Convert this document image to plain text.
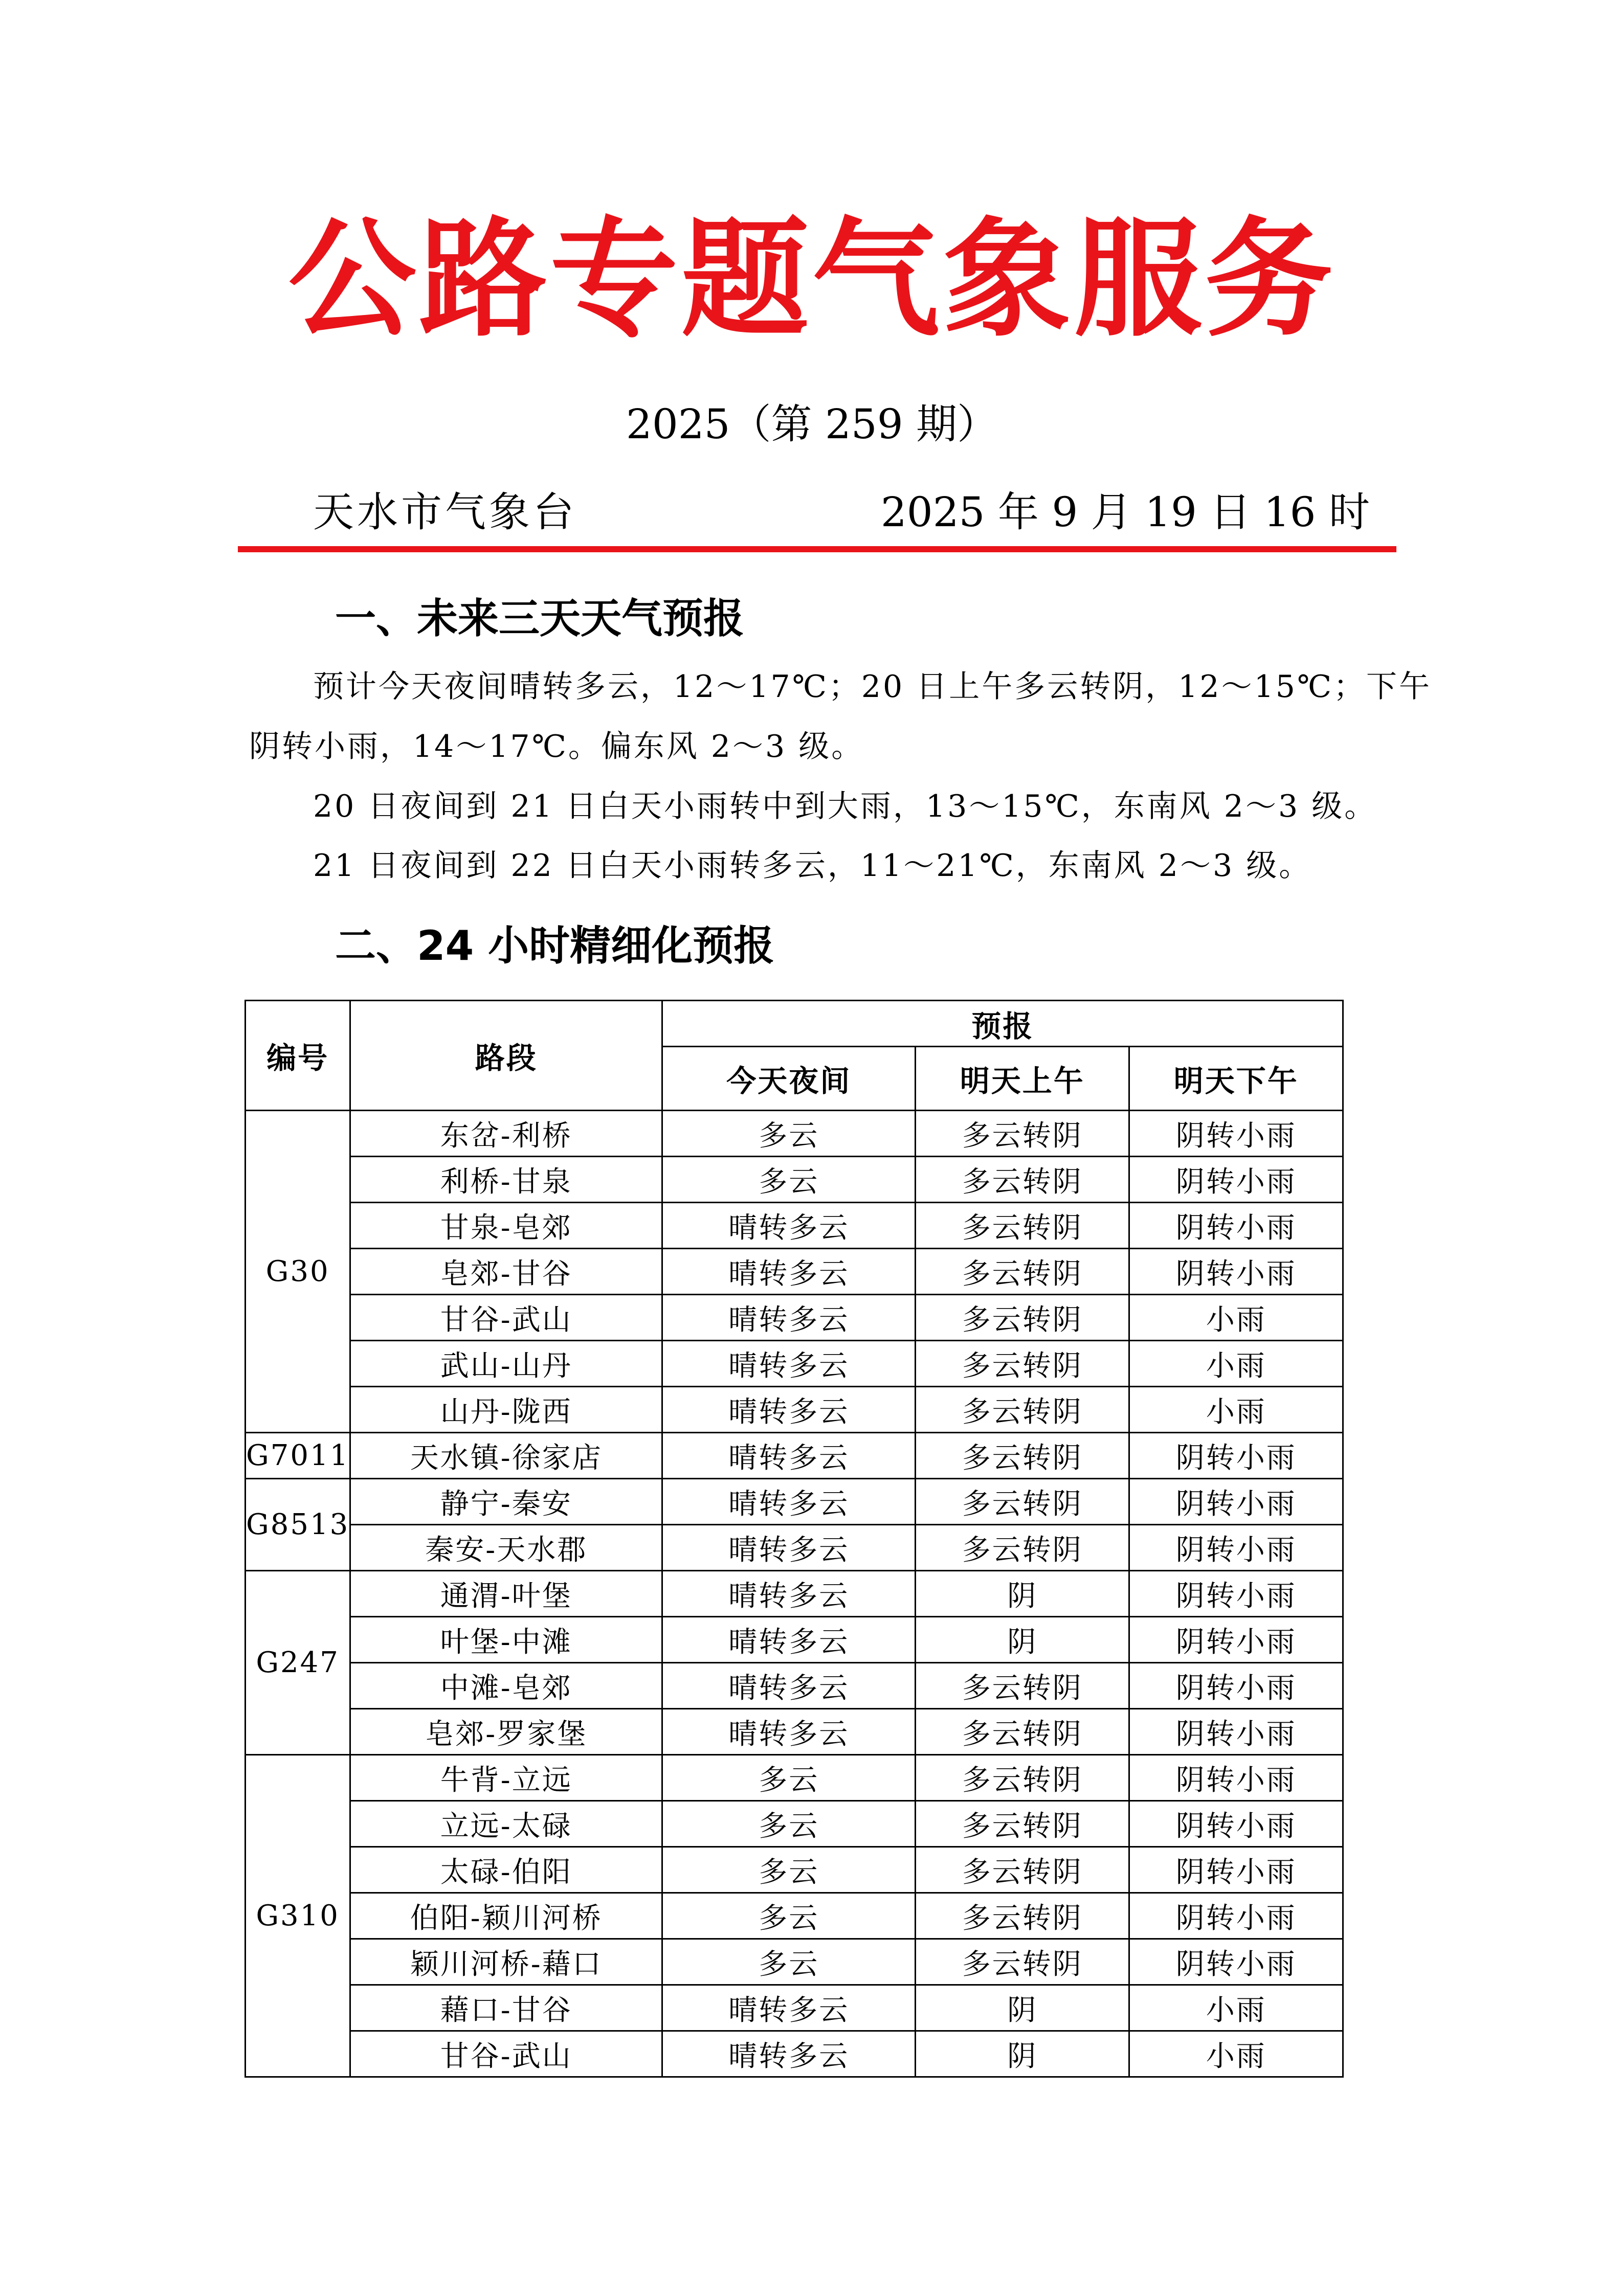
公路专题气象服务
2025（第 259 期）
天水市气象台	2025 年 9 月 19 日 16 时
一、未来三天天气预报
预计今天夜间晴转多云，12～17℃；20 日上午多云转阴，12～15℃；下午
阴转小雨，14～17℃。偏东风 2～3 级。
20 日夜间到 21 日白天小雨转中到大雨，13～15℃，东南风 2～3 级。
21 日夜间到 22 日白天小雨转多云，11～21℃，东南风 2～3 级。
二、24 小时精细化预报
编号	路段	预报		
		今天夜间	明天上午	明天下午
G30	东岔-利桥	多云	多云转阴	阴转小雨
	利桥-甘泉	多云	多云转阴	阴转小雨
	甘泉-皂郊	晴转多云	多云转阴	阴转小雨
	皂郊-甘谷	晴转多云	多云转阴	阴转小雨
	甘谷-武山	晴转多云	多云转阴	小雨
	武山-山丹	晴转多云	多云转阴	小雨
	山丹-陇西	晴转多云	多云转阴	小雨
G7011	天水镇-徐家店	晴转多云	多云转阴	阴转小雨
G8513	静宁-秦安	晴转多云	多云转阴	阴转小雨
	秦安-天水郡	晴转多云	多云转阴	阴转小雨
G247	通渭-叶堡	晴转多云	阴	阴转小雨
	叶堡-中滩	晴转多云	阴	阴转小雨
	中滩-皂郊	晴转多云	多云转阴	阴转小雨
	皂郊-罗家堡	晴转多云	多云转阴	阴转小雨
G310	牛背-立远	多云	多云转阴	阴转小雨
	立远-太碌	多云	多云转阴	阴转小雨
	太碌-伯阳	多云	多云转阴	阴转小雨
	伯阳-颖川河桥	多云	多云转阴	阴转小雨
	颖川河桥-藉口	多云	多云转阴	阴转小雨
	藉口-甘谷	晴转多云	阴	小雨
	甘谷-武山	晴转多云	阴	小雨
